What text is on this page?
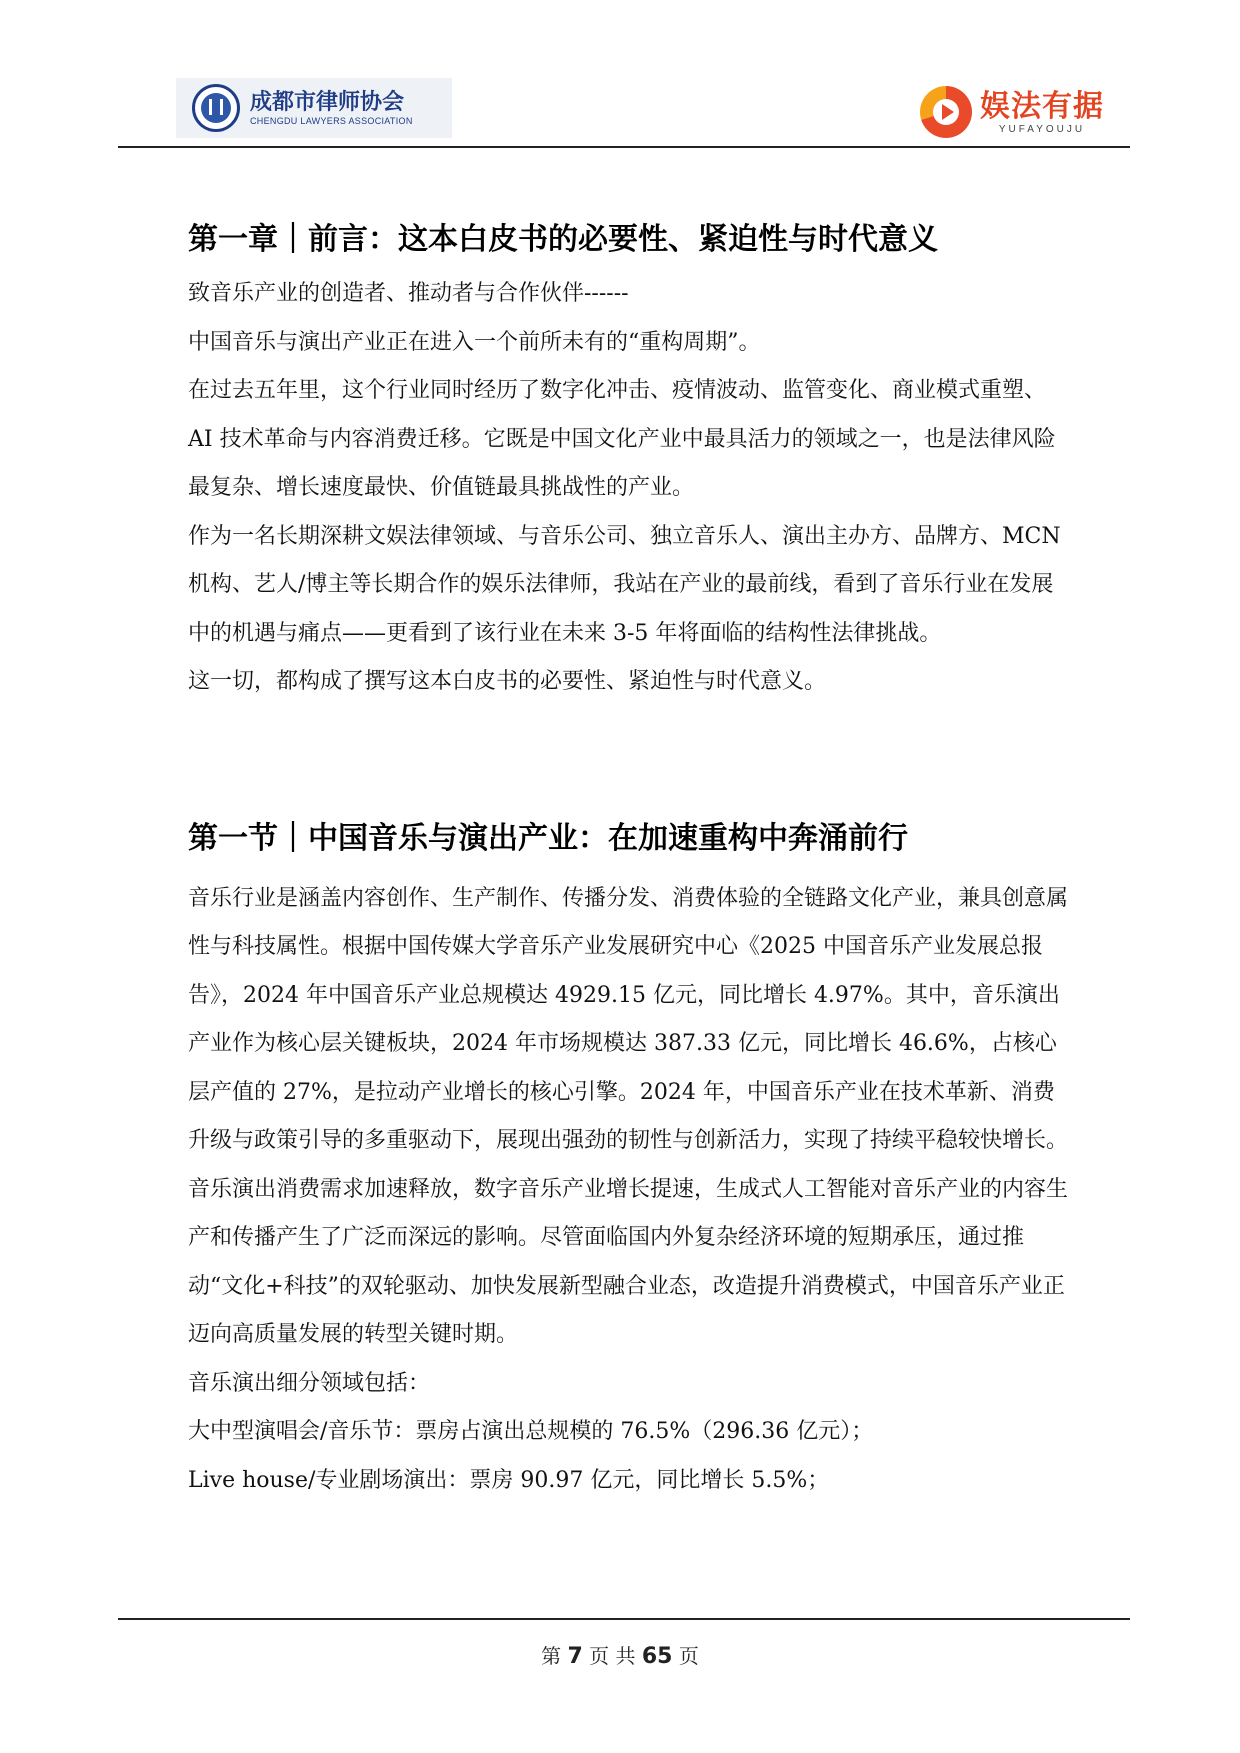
成都市律师协会
CHENGDU LAWYERS ASSOCIATION	娱法有据
YUFAYOUJU
第一章｜前言：这本白皮书的必要性、紧迫性与时代意义

致音乐产业的创造者、推动者与合作伙伴------

中国音乐与演出产业正在进入一个前所未有的“重构周期”。

在过去五年里，这个行业同时经历了数字化冲击、疫情波动、监管变化、商业模式重塑、AI 技术革命与内容消费迁移。它既是中国文化产业中最具活力的领域之一，也是法律风险最复杂、增长速度最快、价值链最具挑战性的产业。

作为一名长期深耕文娱法律领域、与音乐公司、独立音乐人、演出主办方、品牌方、MCN 机构、艺人/博主等长期合作的娱乐法律师，我站在产业的最前线，看到了音乐行业在发展中的机遇与痛点——更看到了该行业在未来 3-5 年将面临的结构性法律挑战。

这一切，都构成了撰写这本白皮书的必要性、紧迫性与时代意义。

第一节｜中国音乐与演出产业：在加速重构中奔涌前行

音乐行业是涵盖内容创作、生产制作、传播分发、消费体验的全链路文化产业，兼具创意属性与科技属性。根据中国传媒大学音乐产业发展研究中心《2025 中国音乐产业发展总报告》，2024 年中国音乐产业总规模达 4929.15 亿元，同比增长 4.97%。其中，音乐演出产业作为核心层关键板块，2024 年市场规模达 387.33 亿元，同比增长 46.6%，占核心层产值的 27%，是拉动产业增长的核心引擎。2024 年，中国音乐产业在技术革新、消费升级与政策引导的多重驱动下，展现出强劲的韧性与创新活力，实现了持续平稳较快增长。音乐演出消费需求加速释放，数字音乐产业增长提速，生成式人工智能对音乐产业的内容生产和传播产生了广泛而深远的影响。尽管面临国内外复杂经济环境的短期承压，通过推动“文化+科技”的双轮驱动、加快发展新型融合业态，改造提升消费模式，中国音乐产业正迈向高质量发展的转型关键时期。

音乐演出细分领域包括：

大中型演唱会/音乐节：票房占演出总规模的 76.5%（296.36 亿元）；

Live house/专业剧场演出：票房 90.97 亿元，同比增长 5.5%；

第 7 页 共 65 页
